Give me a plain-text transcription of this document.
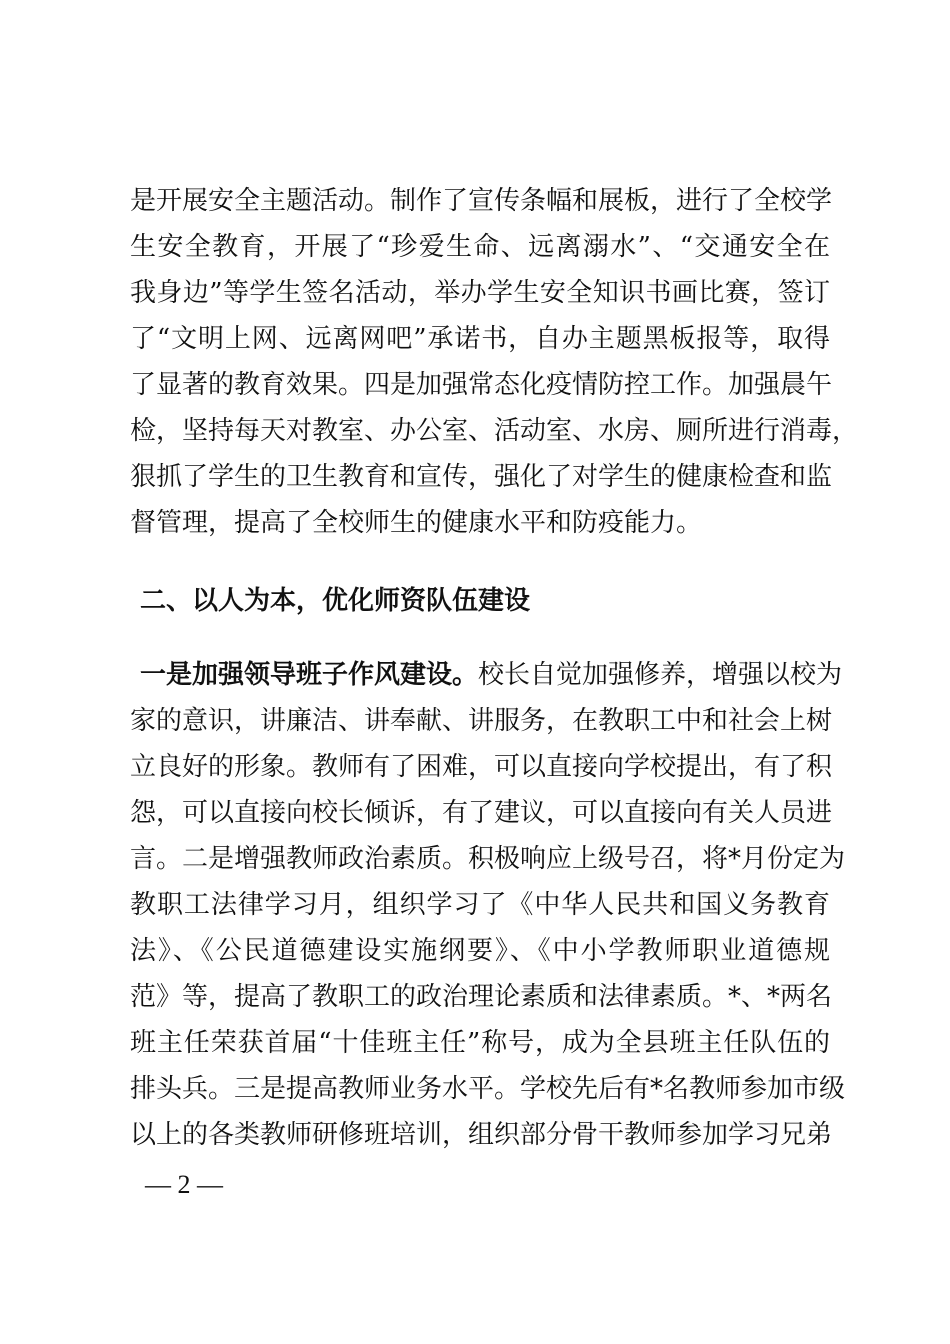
是开展安全主题活动。制作了宣传条幅和展板，进行了全校学
生安全教育，开展了“珍爱生命、远离溺水”、“交通安全在
我身边”等学生签名活动，举办学生安全知识书画比赛，签订
了“文明上网、远离网吧”承诺书，自办主题黑板报等，取得
了显著的教育效果。四是加强常态化疫情防控工作。加强晨午
检，坚持每天对教室、办公室、活动室、水房、厕所进行消毒，
狠抓了学生的卫生教育和宣传，强化了对学生的健康检查和监
督管理，提高了全校师生的健康水平和防疫能力。
二、以人为本，优化师资队伍建设
一是加强领导班子作风建设。校长自觉加强修养，增强以校为
家的意识，讲廉洁、讲奉献、讲服务，在教职工中和社会上树
立良好的形象。教师有了困难，可以直接向学校提出，有了积
怨，可以直接向校长倾诉，有了建议，可以直接向有关人员进
言。二是增强教师政治素质。积极响应上级号召，将*月份定为
教职工法律学习月，组织学习了《中华人民共和国义务教育
法》、《公民道德建设实施纲要》、《中小学教师职业道德规
范》等，提高了教职工的政治理论素质和法律素质。*、*两名
班主任荣获首届“十佳班主任”称号，成为全县班主任队伍的
排头兵。三是提高教师业务水平。学校先后有*名教师参加市级
以上的各类教师研修班培训，组织部分骨干教师参加学习兄弟
— 2 —
